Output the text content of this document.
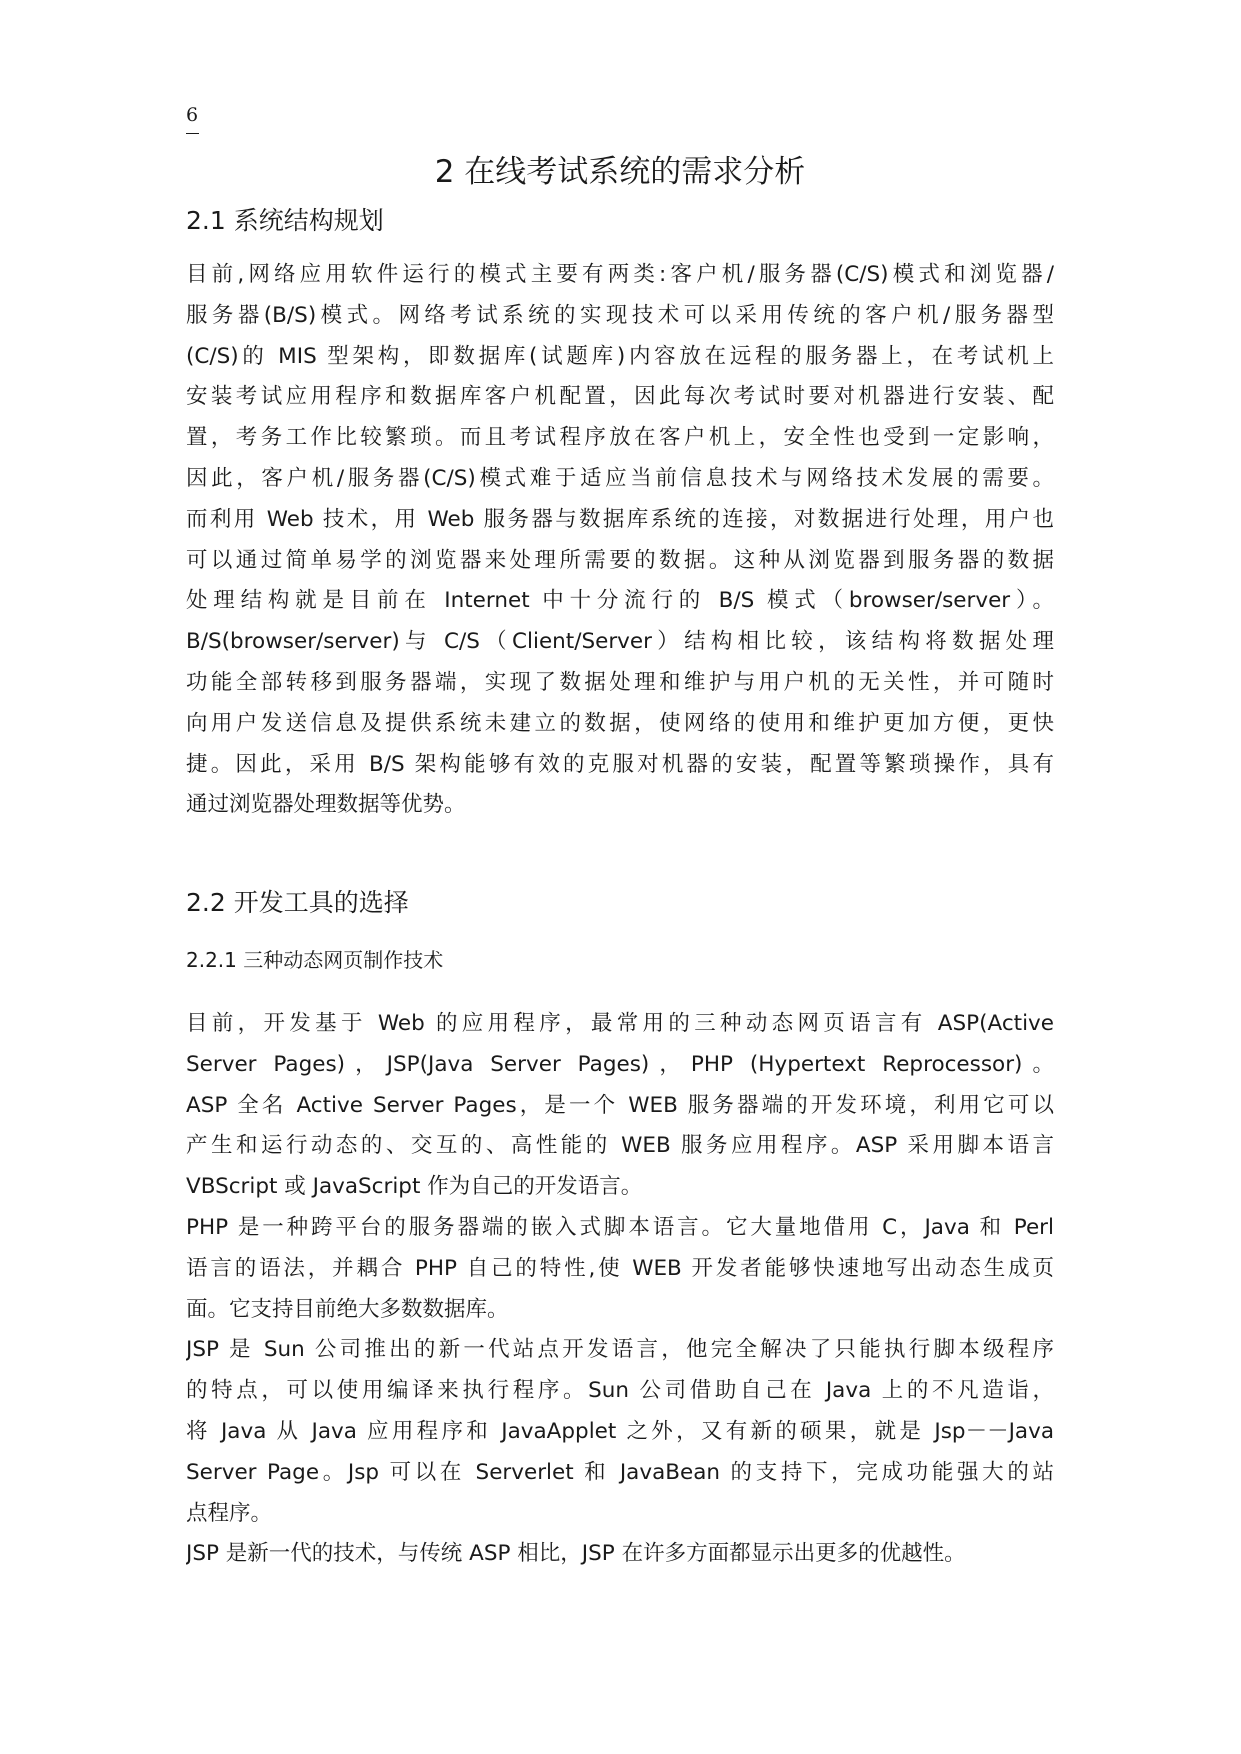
6
2 在线考试系统的需求分析
2.1 系统结构规划
目前,网络应用软件运行的模式主要有两类:客户机/服务器(C/S)模式和浏览器/
服务器(B/S)模式。网络考试系统的实现技术可以采用传统的客户机/服务器型
(C/S)的 MIS 型架构，即数据库(试题库)内容放在远程的服务器上，在考试机上
安装考试应用程序和数据库客户机配置，因此每次考试时要对机器进行安装、配
置，考务工作比较繁琐。而且考试程序放在客户机上，安全性也受到一定影响，
因此，客户机/服务器(C/S)模式难于适应当前信息技术与网络技术发展的需要。
而利用 Web 技术，用 Web 服务器与数据库系统的连接，对数据进行处理，用户也
可以通过简单易学的浏览器来处理所需要的数据。这种从浏览器到服务器的数据
处理结构就是目前在 Internet 中十分流行的 B/S 模式（browser/server）。
B/S(browser/server)与 C/S（Client/Server）结构相比较，该结构将数据处理
功能全部转移到服务器端，实现了数据处理和维护与用户机的无关性，并可随时
向用户发送信息及提供系统未建立的数据，使网络的使用和维护更加方便，更快
捷。因此，采用 B/S 架构能够有效的克服对机器的安装，配置等繁琐操作，具有
通过浏览器处理数据等优势。
2.2 开发工具的选择
2.2.1 三种动态网页制作技术
目前，开发基于 Web 的应用程序，最常用的三种动态网页语言有 ASP(Active
Server Pages)，JSP(Java Server Pages)，PHP (Hypertext Reprocessor)。
ASP 全名 Active Server Pages，是一个 WEB 服务器端的开发环境，利用它可以
产生和运行动态的、交互的、高性能的 WEB 服务应用程序。ASP 采用脚本语言
VBScript 或 JavaScript 作为自己的开发语言。
PHP 是一种跨平台的服务器端的嵌入式脚本语言。它大量地借用 C，Java 和 Perl
语言的语法，并耦合 PHP 自己的特性,使 WEB 开发者能够快速地写出动态生成页
面。它支持目前绝大多数数据库。
JSP 是 Sun 公司推出的新一代站点开发语言，他完全解决了只能执行脚本级程序
的特点，可以使用编译来执行程序。Sun 公司借助自己在 Java 上的不凡造诣，
将 Java 从 Java 应用程序和 JavaApplet 之外，又有新的硕果，就是 Jsp－－Java
Server Page。Jsp 可以在 Serverlet 和 JavaBean 的支持下，完成功能强大的站
点程序。
JSP 是新一代的技术，与传统 ASP 相比，JSP 在许多方面都显示出更多的优越性。
